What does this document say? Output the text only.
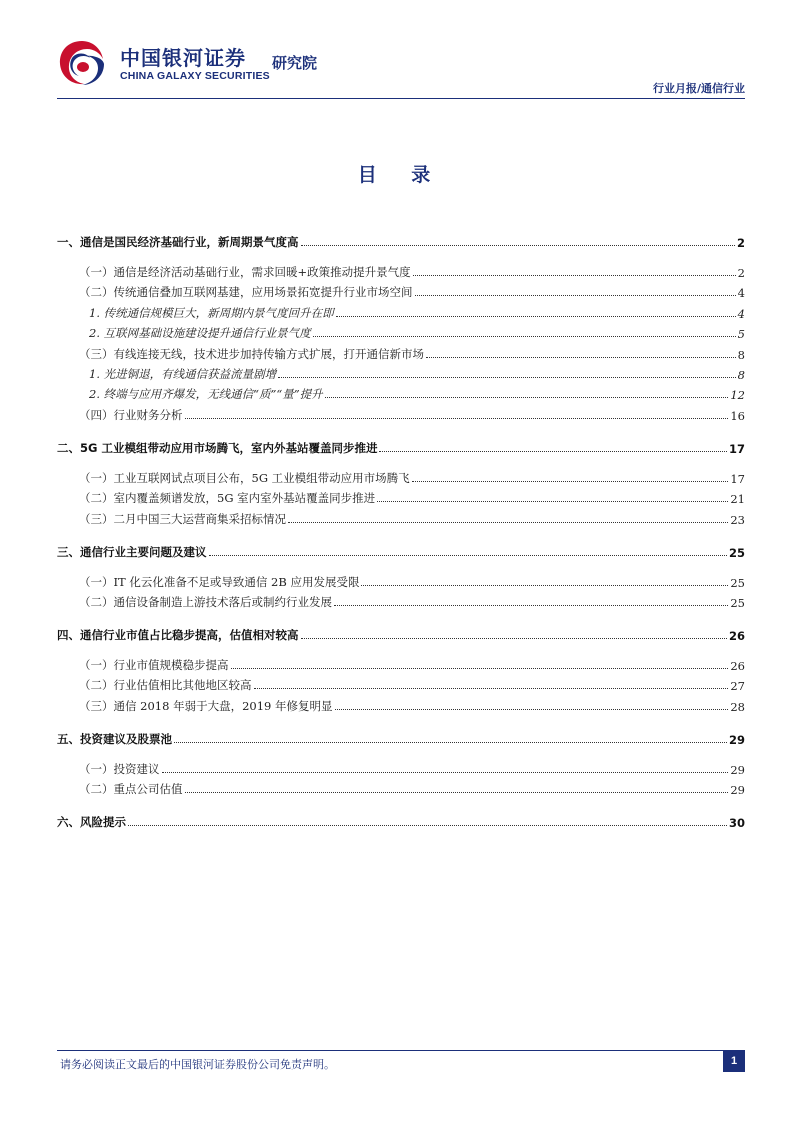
中国银河证券
CHINA GALAXY SECURITIES
研究院
行业月报/通信行业
目 录
一、通信是国民经济基础行业，新周期景气度高	2
（一）通信是经济活动基础行业，需求回暖+政策推动提升景气度	2
（二）传统通信叠加互联网基建，应用场景拓宽提升行业市场空间	4
1. 传统通信规模巨大，新周期内景气度回升在即	4
2. 互联网基础设施建设提升通信行业景气度	5
（三）有线连接无线，技术进步加持传输方式扩展，打开通信新市场	8
1. 光进铜退，有线通信获益流量剧增	8
2. 终端与应用齐爆发，无线通信“质”“量”提升	12
（四）行业财务分析	16
二、5G 工业模组带动应用市场腾飞，室内外基站覆盖同步推进	17
（一）工业互联网试点项目公布，5G 工业模组带动应用市场腾飞	17
（二）室内覆盖频谱发放，5G 室内室外基站覆盖同步推进	21
（三）二月中国三大运营商集采招标情况	23
三、通信行业主要问题及建议	25
（一）IT 化云化准备不足或导致通信 2B 应用发展受限	25
（二）通信设备制造上游技术落后或制约行业发展	25
四、通信行业市值占比稳步提高，估值相对较高	26
（一）行业市值规模稳步提高	26
（二）行业估值相比其他地区较高	27
（三）通信 2018 年弱于大盘，2019 年修复明显	28
五、投资建议及股票池	29
（一）投资建议	29
（二）重点公司估值	29
六、风险提示	30
请务必阅读正文最后的中国银河证券股份公司免责声明。	1
